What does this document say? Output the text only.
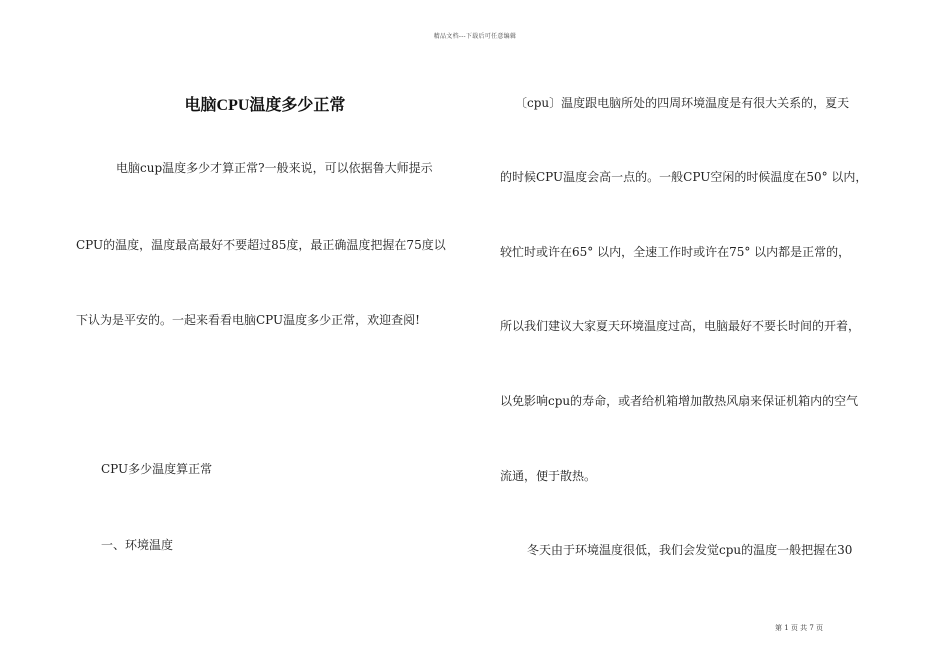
精品文档---下载后可任意编辑
电脑CPU温度多少正常
电脑cup温度多少才算正常?一般来说，可以依据鲁大师提示
CPU的温度，温度最高最好不要超过85度，最正确温度把握在75度以
下认为是平安的。一起来看看电脑CPU温度多少正常，欢迎查阅!
CPU多少温度算正常
一、环境温度
〔cpu〕温度跟电脑所处的四周环境温度是有很大关系的，夏天
的时候CPU温度会高一点的。一般CPU空闲的时候温度在50° 以内，
较忙时或许在65° 以内，全速工作时或许在75° 以内都是正常的，
所以我们建议大家夏天环境温度过高，电脑最好不要长时间的开着，
以免影响cpu的寿命，或者给机箱增加散热风扇来保证机箱内的空气
流通，便于散热。
冬天由于环境温度很低，我们会发觉cpu的温度一般把握在30
第 1 页 共 7 页
